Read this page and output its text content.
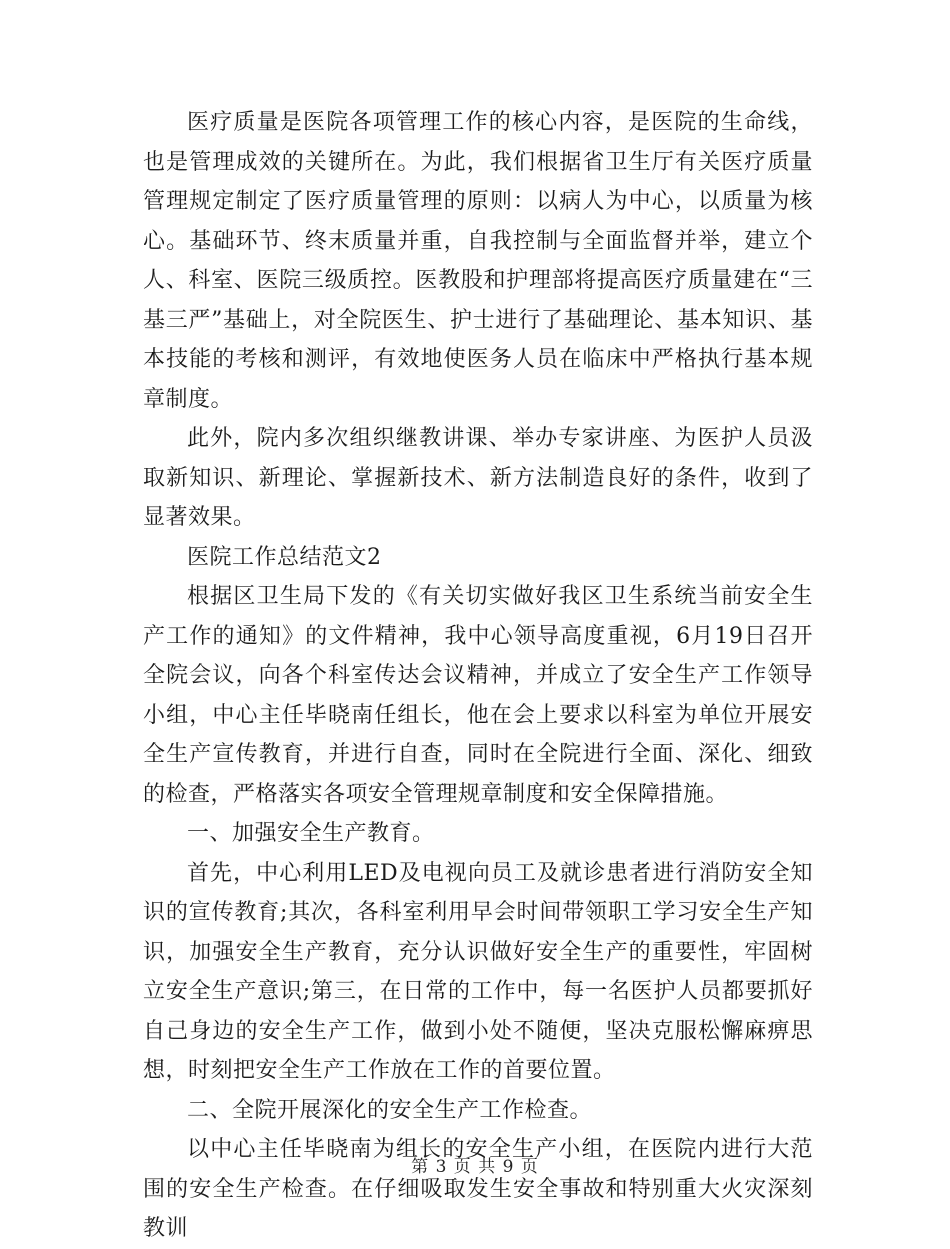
医疗质量是医院各项管理工作的核心内容，是医院的生命线，也是管理成效的关键所在。为此，我们根据省卫生厅有关医疗质量管理规定制定了医疗质量管理的原则：以病人为中心，以质量为核心。基础环节、终末质量并重，自我控制与全面监督并举，建立个人、科室、医院三级质控。医教股和护理部将提高医疗质量建在“三基三严”基础上，对全院医生、护士进行了基础理论、基本知识、基本技能的考核和测评，有效地使医务人员在临床中严格执行基本规章制度。

此外，院内多次组织继教讲课、举办专家讲座、为医护人员汲取新知识、新理论、掌握新技术、新方法制造良好的条件，收到了显著效果。

医院工作总结范文2

根据区卫生局下发的《有关切实做好我区卫生系统当前安全生产工作的通知》的文件精神，我中心领导高度重视，6月19日召开全院会议，向各个科室传达会议精神，并成立了安全生产工作领导小组，中心主任毕晓南任组长，他在会上要求以科室为单位开展安全生产宣传教育，并进行自查，同时在全院进行全面、深化、细致的检查，严格落实各项安全管理规章制度和安全保障措施。

一、加强安全生产教育。

首先，中心利用LED及电视向员工及就诊患者进行消防安全知识的宣传教育;其次，各科室利用早会时间带领职工学习安全生产知识，加强安全生产教育，充分认识做好安全生产的重要性，牢固树立安全生产意识;第三，在日常的工作中，每一名医护人员都要抓好自己身边的安全生产工作，做到小处不随便，坚决克服松懈麻痹思想，时刻把安全生产工作放在工作的首要位置。

二、全院开展深化的安全生产工作检查。

以中心主任毕晓南为组长的安全生产小组，在医院内进行大范围的安全生产检查。在仔细吸取发生安全事故和特别重大火灾深刻教训

第 3 页 共 9 页
